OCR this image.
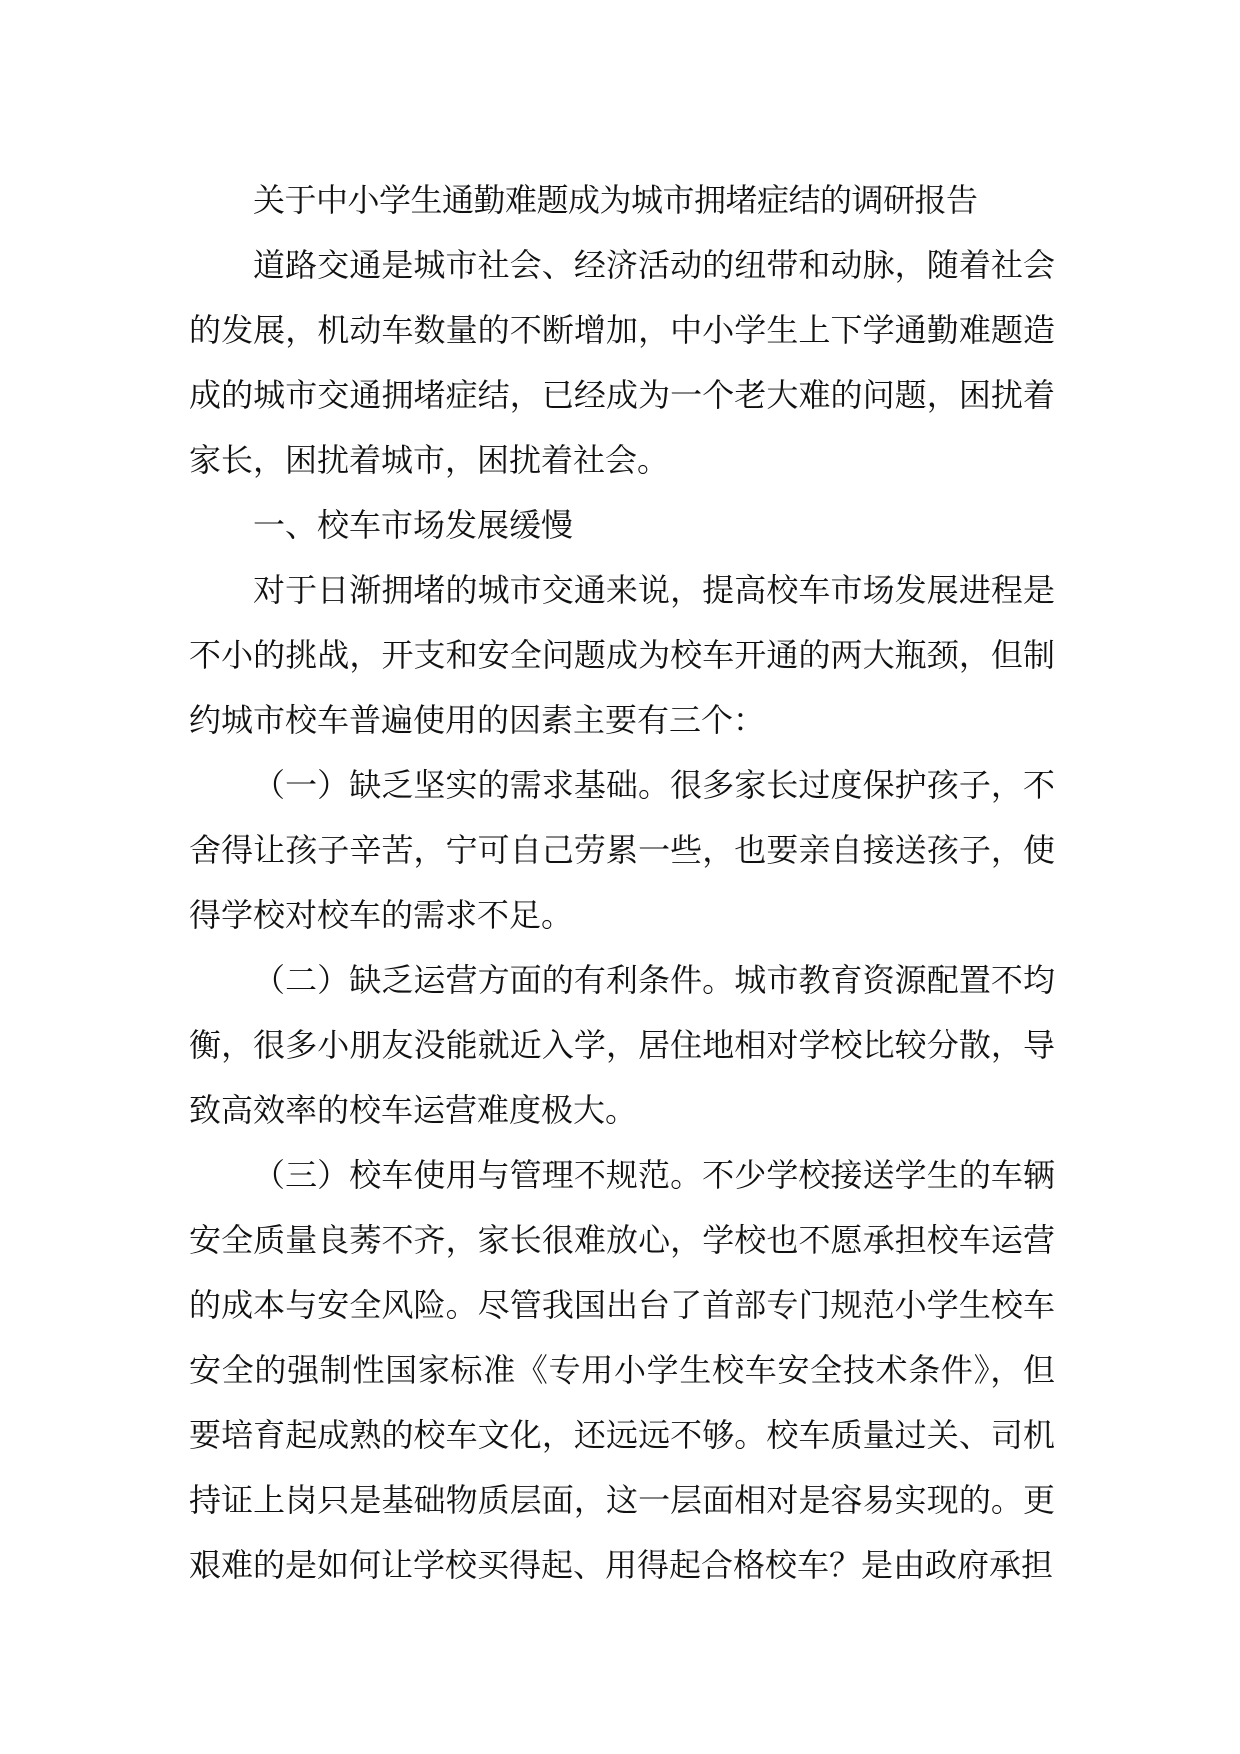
关于中小学生通勤难题成为城市拥堵症结的调研报告

道路交通是城市社会、经济活动的纽带和动脉，随着社会的发展，机动车数量的不断增加，中小学生上下学通勤难题造成的城市交通拥堵症结，已经成为一个老大难的问题，困扰着家长，困扰着城市，困扰着社会。

一、校车市场发展缓慢

对于日渐拥堵的城市交通来说，提高校车市场发展进程是不小的挑战，开支和安全问题成为校车开通的两大瓶颈，但制约城市校车普遍使用的因素主要有三个：

（一）缺乏坚实的需求基础。很多家长过度保护孩子，不舍得让孩子辛苦，宁可自己劳累一些，也要亲自接送孩子，使得学校对校车的需求不足。

（二）缺乏运营方面的有利条件。城市教育资源配置不均衡，很多小朋友没能就近入学，居住地相对学校比较分散，导致高效率的校车运营难度极大。

（三）校车使用与管理不规范。不少学校接送学生的车辆安全质量良莠不齐，家长很难放心，学校也不愿承担校车运营的成本与安全风险。尽管我国出台了首部专门规范小学生校车安全的强制性国家标准《专用小学生校车安全技术条件》，但要培育起成熟的校车文化，还远远不够。校车质量过关、司机持证上岗只是基础物质层面，这一层面相对是容易实现的。更艰难的是如何让学校买得起、用得起合格校车？是由政府承担
